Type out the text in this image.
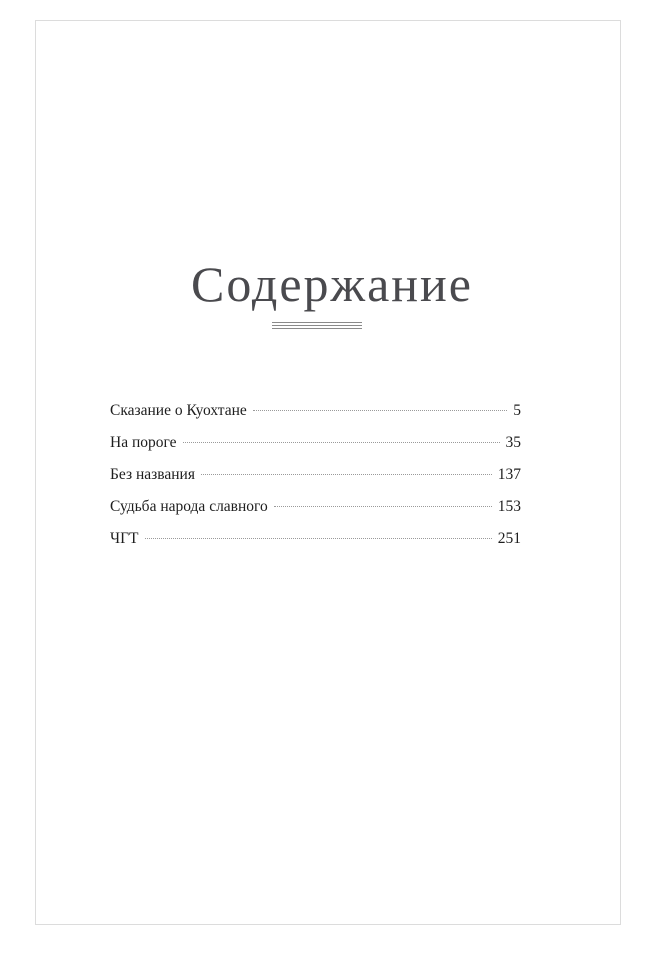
Содержание
Сказание о Куохтане	5
На пороге	35
Без названия	137
Судьба народа славного	153
ЧГТ	251
